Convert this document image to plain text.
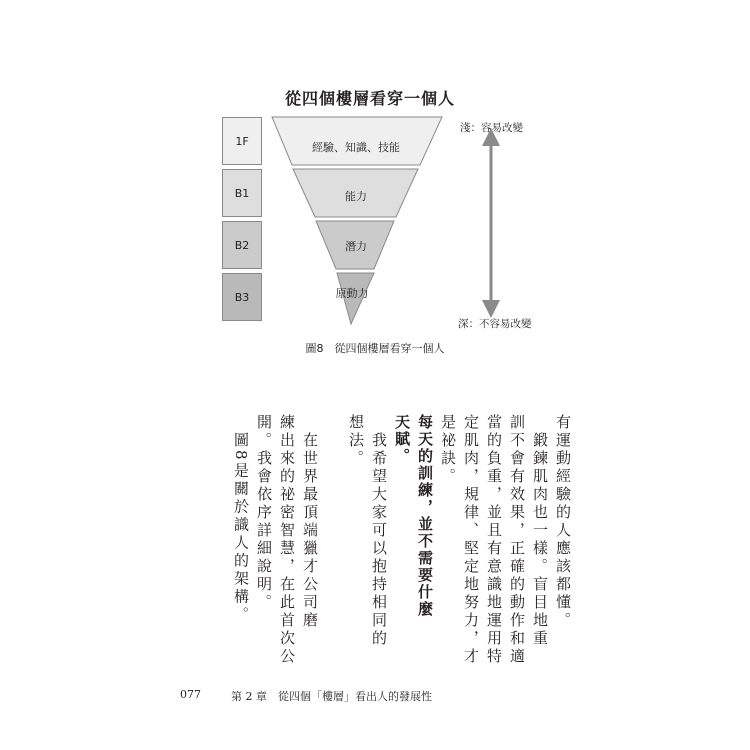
從四個樓層看穿一個人
1F
B1
B2
B3
經驗、知識、技能
能力
潛力
原動力
淺：容易改變
深：不容易改變
圖8　從四個樓層看穿一個人
有運動經驗的人應該都懂。
　鍛鍊肌肉也一樣。盲目地重
訓不會有效果，正確的動作和適
當的負重，並且有意識地運用特
定肌肉，規律、堅定地努力，才
是祕訣。
每天的訓練，並不需要什麼
天賦。
　我希望大家可以抱持相同的
想法。
　在世界最頂端獵才公司磨
練出來的祕密智慧，在此首次公
開。我會依序詳細說明。
　圖8是關於識人的架構。
077	第 2 章　從四個「樓層」看出人的發展性
